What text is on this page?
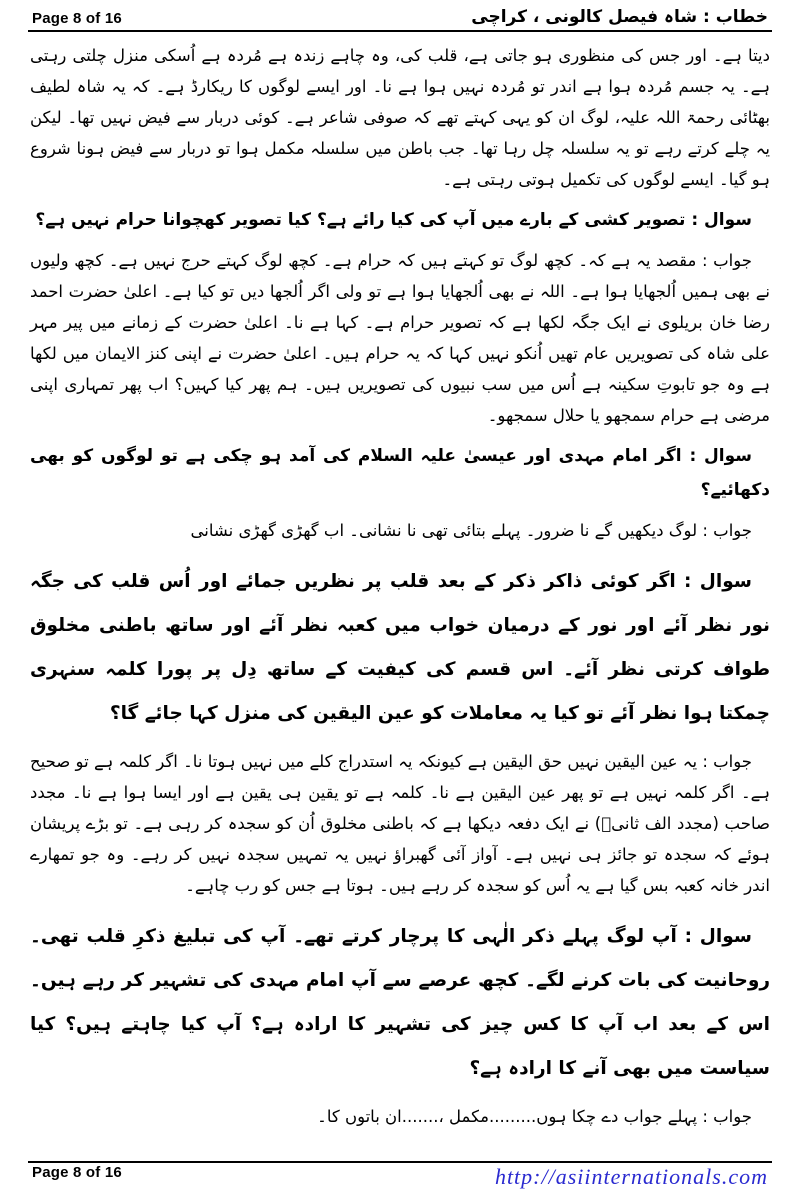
Page 8 of 16	خطاب : شاہ فیصل کالونی ، کراچی

دیتا ہے۔ اور جس کی منظوری ہو جاتی ہے، قلب کی، وہ چاہے زندہ ہے مُردہ ہے اُسکی منزل چلتی رہتی ہے۔ یہ جسم مُردہ ہوا ہے اندر تو مُردہ نہیں ہوا ہے نا۔ اور ایسے لوگوں کا ریکارڈ ہے۔ کہ یہ شاہ لطیف بھٹائی رحمۃ اللہ علیہ، لوگ ان کو یہی کہتے تھے کہ صوفی شاعر ہے۔ کوئی دربار سے فیض نہیں تھا۔ لیکن یہ چلے کرتے رہے تو یہ سلسلہ چل رہا تھا۔ جب باطن میں سلسلہ مکمل ہوا تو دربار سے فیض ہونا شروع ہو گیا۔ ایسے لوگوں کی تکمیل ہوتی رہتی ہے۔

سوال : تصویر کشی کے بارے میں آپ کی کیا رائے ہے؟ کیا تصویر کھچوانا حرام نہیں ہے؟

جواب : مقصد یہ ہے کہ۔ کچھ لوگ تو کہتے ہیں کہ حرام ہے۔ کچھ لوگ کہتے حرج نہیں ہے۔ کچھ ولیوں نے بھی ہمیں اُلجھایا ہوا ہے۔ اللہ نے بھی اُلجھایا ہوا ہے تو ولی اگر اُلجھا دیں تو کیا ہے۔ اعلیٰ حضرت احمد رضا خان بریلوی نے ایک جگہ لکھا ہے کہ تصویر حرام ہے۔ کہا ہے نا۔ اعلیٰ حضرت کے زمانے میں پیر مہر علی شاہ کی تصویریں عام تھیں اُنکو نہیں کہا کہ یہ حرام ہیں۔ اعلیٰ حضرت نے اپنی کنز الایمان میں لکھا ہے وہ جو تابوتِ سکینہ ہے اُس میں سب نبیوں کی تصویریں ہیں۔ ہم پھر کیا کہیں؟ اب پھر تمہاری اپنی مرضی ہے حرام سمجھو یا حلال سمجھو۔

سوال : اگر امام مہدی اور عیسیٰ علیہ السلام کی آمد ہو چکی ہے تو لوگوں کو بھی دکھائیے؟

جواب : لوگ دیکھیں گے نا ضرور۔ پہلے بتائی تھی نا نشانی۔ اب گھڑی گھڑی نشانی

سوال : اگر کوئی ذاکر ذکر کے بعد قلب پر نظریں جمائے اور اُس قلب کی جگہ نور نظر آئے اور نور کے درمیان خواب میں کعبہ نظر آئے اور ساتھ باطنی مخلوق طواف کرتی نظر آئے۔ اس قسم کی کیفیت کے ساتھ دِل پر پورا کلمہ سنہری چمکتا ہوا نظر آئے تو کیا یہ معاملات کو عین الیقین کی منزل کہا جائے گا؟

جواب : یہ عین الیقین نہیں حق الیقین ہے کیونکہ یہ استدراج کلے میں نہیں ہوتا نا۔ اگر کلمہ ہے تو صحیح ہے۔ اگر کلمہ نہیں ہے تو پھر عین الیقین ہے نا۔ کلمہ ہے تو یقین ہی یقین ہے اور ایسا ہوا ہے نا۔ مجدد صاحب (مجدد الف ثانیؒ) نے ایک دفعہ دیکھا ہے کہ باطنی مخلوق اُن کو سجدہ کر رہی ہے۔ تو بڑے پریشان ہوئے کہ سجدہ تو جائز ہی نہیں ہے۔ آواز آئی گھبراؤ نہیں یہ تمہیں سجدہ نہیں کر رہے۔ وہ جو تمھارے اندر خانہ کعبہ بس گیا ہے یہ اُس کو سجدہ کر رہے ہیں۔ ہوتا ہے جس کو رب چاہے۔

سوال : آپ لوگ پہلے ذکر الٰہی کا پرچار کرتے تھے۔ آپ کی تبلیغ ذکرِ قلب تھی۔ روحانیت کی بات کرنے لگے۔ کچھ عرصے سے آپ امام مہدی کی تشہیر کر رہے ہیں۔ اس کے بعد اب آپ کا کس چیز کی تشہیر کا ارادہ ہے؟ آپ کیا چاہتے ہیں؟ کیا سیاست میں بھی آنے کا ارادہ ہے؟

جواب : پہلے جواب دے چکا ہوں.........مکمل ،.......ان باتوں کا۔

Page 8 of 16	http://asiinternationals.com
